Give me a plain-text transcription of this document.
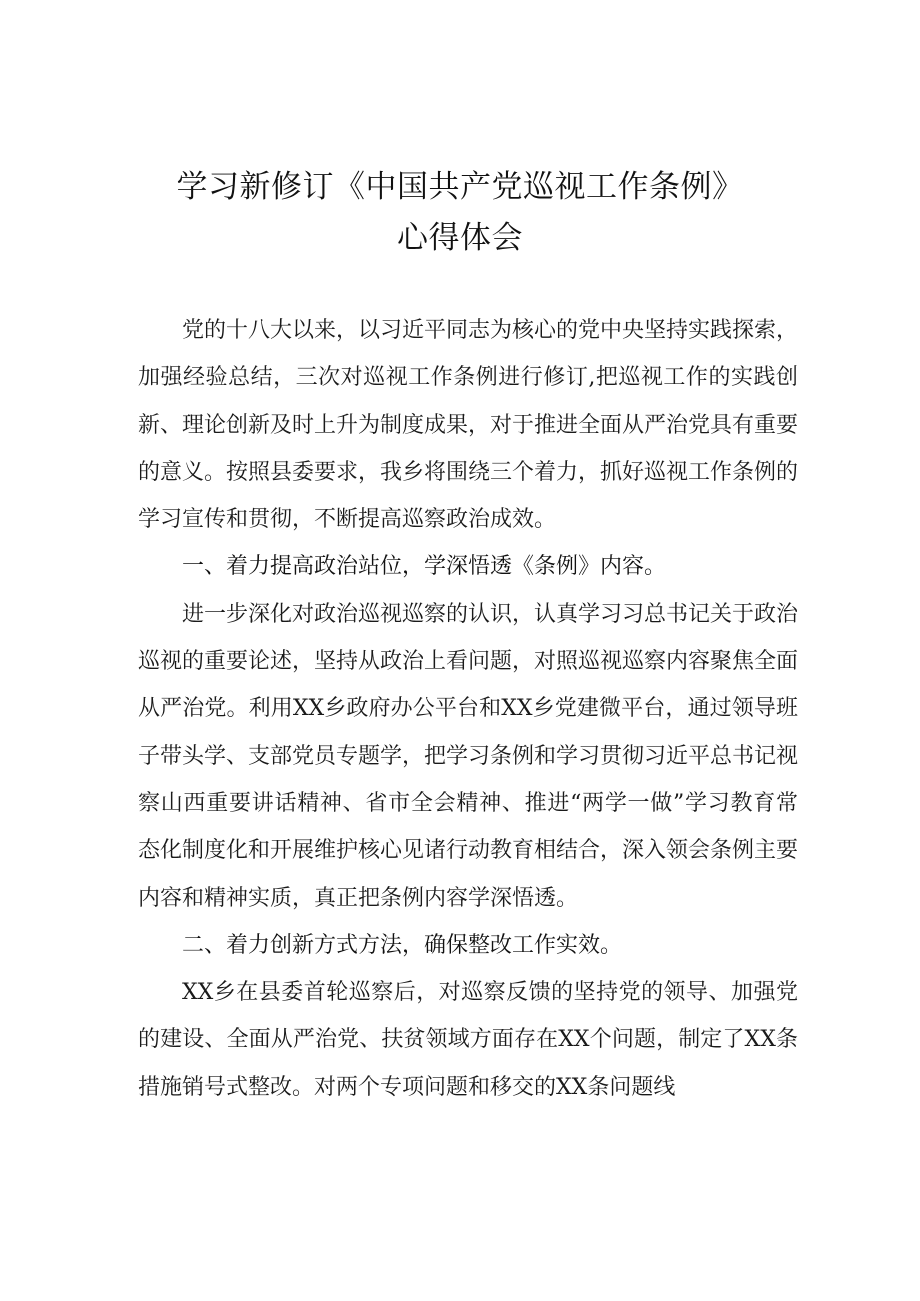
学习新修订《中国共产党巡视工作条例》
心得体会

党的十八大以来，以习近平同志为核心的党中央坚持实践探索，加强经验总结，三次对巡视工作条例进行修订,把巡视工作的实践创新、理论创新及时上升为制度成果，对于推进全面从严治党具有重要的意义。按照县委要求，我乡将围绕三个着力，抓好巡视工作条例的学习宣传和贯彻，不断提高巡察政治成效。

一、着力提高政治站位，学深悟透《条例》内容。

进一步深化对政治巡视巡察的认识，认真学习习总书记关于政治巡视的重要论述，坚持从政治上看问题，对照巡视巡察内容聚焦全面从严治党。利用XX乡政府办公平台和XX乡党建微平台，通过领导班子带头学、支部党员专题学，把学习条例和学习贯彻习近平总书记视察山西重要讲话精神、省市全会精神、推进“两学一做”学习教育常态化制度化和开展维护核心见诸行动教育相结合，深入领会条例主要内容和精神实质，真正把条例内容学深悟透。

二、着力创新方式方法，确保整改工作实效。

XX乡在县委首轮巡察后，对巡察反馈的坚持党的领导、加强党的建设、全面从严治党、扶贫领域方面存在XX个问题，制定了XX条措施销号式整改。对两个专项问题和移交的XX条问题线
